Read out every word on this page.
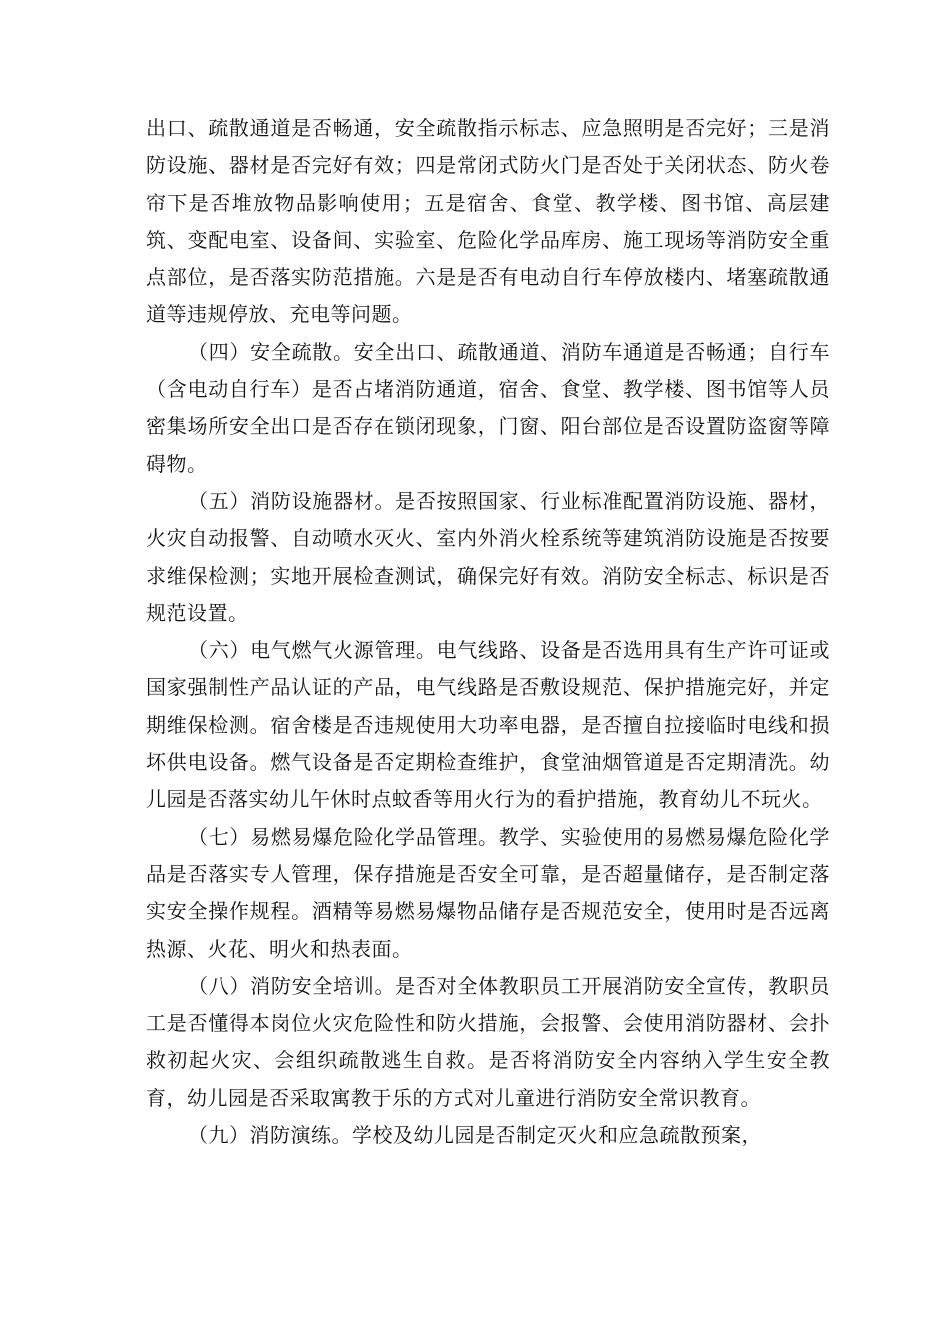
出口、疏散通道是否畅通，安全疏散指示标志、应急照明是否完好；三是消防设施、器材是否完好有效；四是常闭式防火门是否处于关闭状态、防火卷帘下是否堆放物品影响使用；五是宿舍、食堂、教学楼、图书馆、高层建筑、变配电室、设备间、实验室、危险化学品库房、施工现场等消防安全重点部位，是否落实防范措施。六是是否有电动自行车停放楼内、堵塞疏散通道等违规停放、充电等问题。

（四）安全疏散。安全出口、疏散通道、消防车通道是否畅通；自行车（含电动自行车）是否占堵消防通道，宿舍、食堂、教学楼、图书馆等人员密集场所安全出口是否存在锁闭现象，门窗、阳台部位是否设置防盗窗等障碍物。

（五）消防设施器材。是否按照国家、行业标准配置消防设施、器材，火灾自动报警、自动喷水灭火、室内外消火栓系统等建筑消防设施是否按要求维保检测；实地开展检查测试，确保完好有效。消防安全标志、标识是否规范设置。

（六）电气燃气火源管理。电气线路、设备是否选用具有生产许可证或国家强制性产品认证的产品，电气线路是否敷设规范、保护措施完好，并定期维保检测。宿舍楼是否违规使用大功率电器，是否擅自拉接临时电线和损坏供电设备。燃气设备是否定期检查维护，食堂油烟管道是否定期清洗。幼儿园是否落实幼儿午休时点蚊香等用火行为的看护措施，教育幼儿不玩火。

（七）易燃易爆危险化学品管理。教学、实验使用的易燃易爆危险化学品是否落实专人管理，保存措施是否安全可靠，是否超量储存，是否制定落实安全操作规程。酒精等易燃易爆物品储存是否规范安全，使用时是否远离热源、火花、明火和热表面。

（八）消防安全培训。是否对全体教职员工开展消防安全宣传，教职员工是否懂得本岗位火灾危险性和防火措施，会报警、会使用消防器材、会扑救初起火灾、会组织疏散逃生自救。是否将消防安全内容纳入学生安全教育，幼儿园是否采取寓教于乐的方式对儿童进行消防安全常识教育。

（九）消防演练。学校及幼儿园是否制定灭火和应急疏散预案，
